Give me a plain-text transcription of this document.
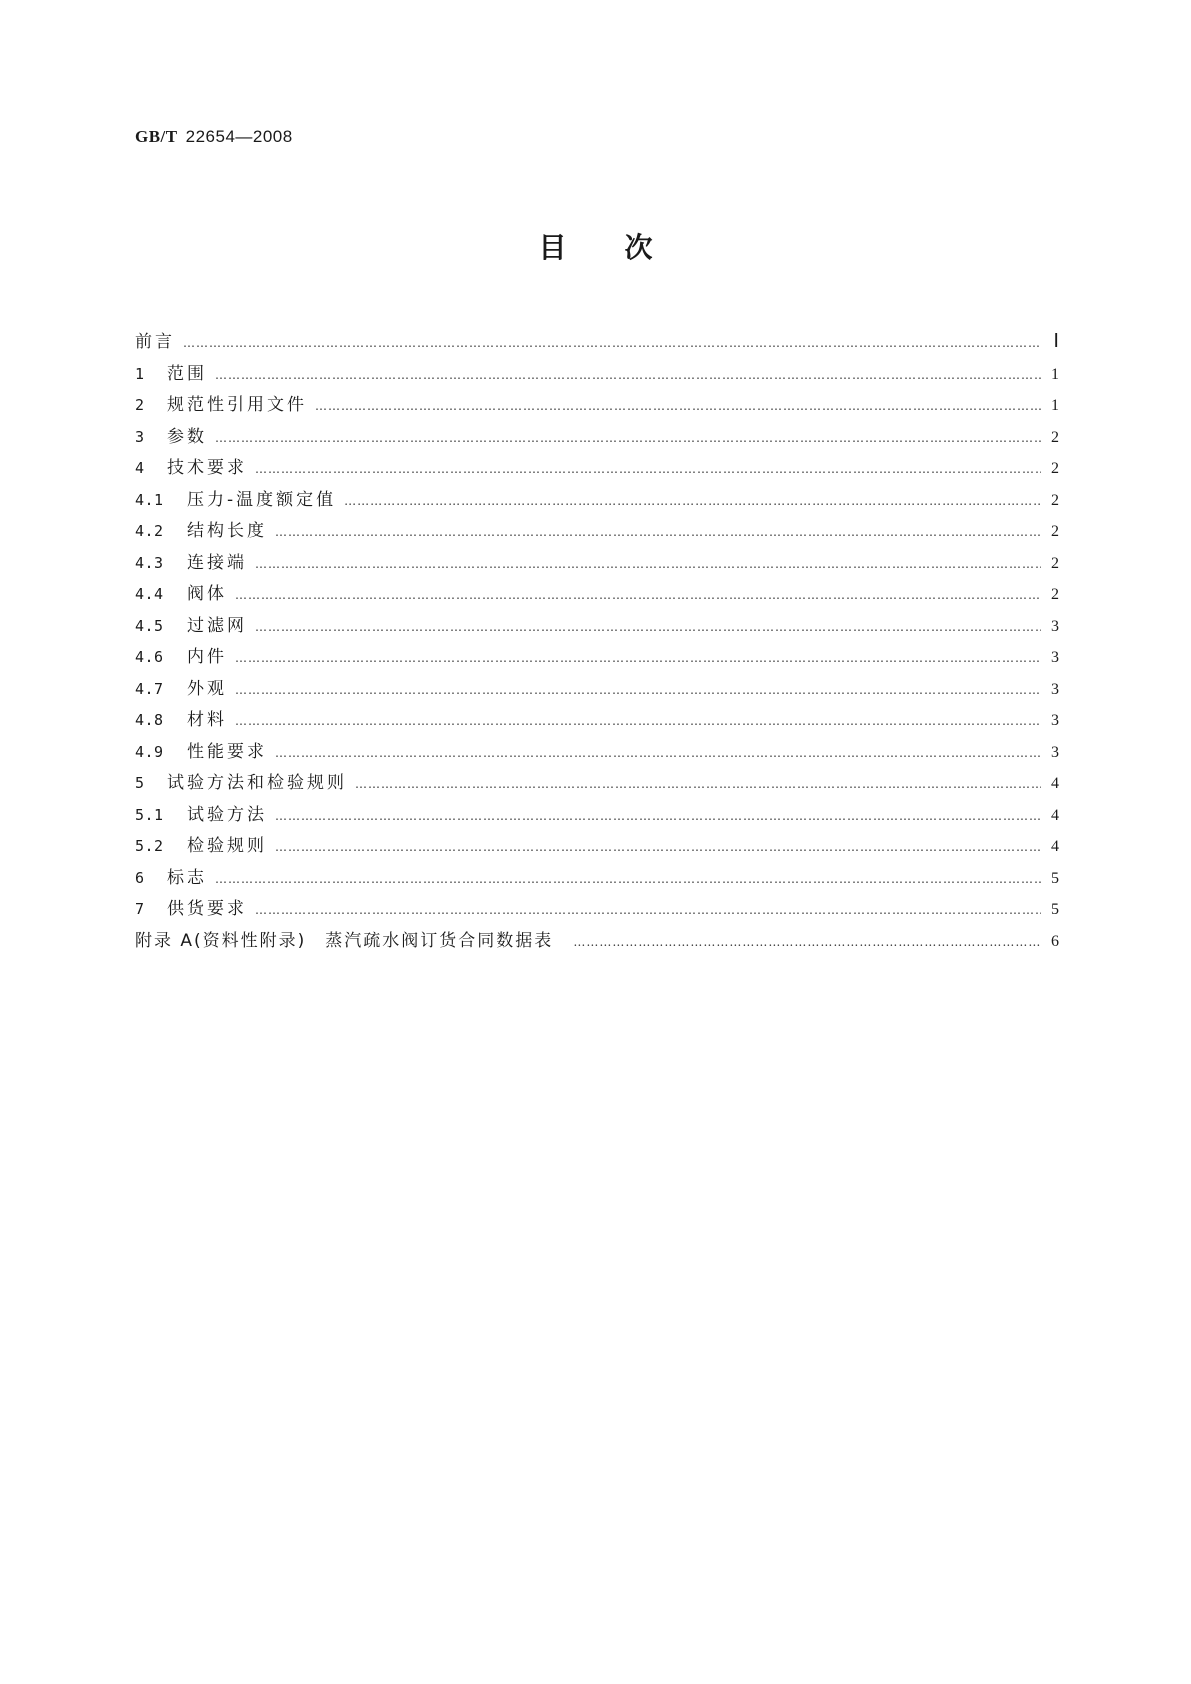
GB/T 22654—2008
目 次
前言 ……………………………………………………………………………………………………………………………………………………………………………………………………………………	Ⅰ
1	范围 ……………………………………………………………………………………………………………………………………………………………………………………………………………………	1
2	规范性引用文件 ……………………………………………………………………………………………………………………………………………………………………………………………………………………	1
3	参数 ……………………………………………………………………………………………………………………………………………………………………………………………………………………	2
4	技术要求 ……………………………………………………………………………………………………………………………………………………………………………………………………………………	2
4.1	压力-温度额定值 ……………………………………………………………………………………………………………………………………………………………………………………………………………………	2
4.2	结构长度 ……………………………………………………………………………………………………………………………………………………………………………………………………………………	2
4.3	连接端 ……………………………………………………………………………………………………………………………………………………………………………………………………………………	2
4.4	阀体 ……………………………………………………………………………………………………………………………………………………………………………………………………………………	2
4.5	过滤网 ……………………………………………………………………………………………………………………………………………………………………………………………………………………	3
4.6	内件 ……………………………………………………………………………………………………………………………………………………………………………………………………………………	3
4.7	外观 ……………………………………………………………………………………………………………………………………………………………………………………………………………………	3
4.8	材料 ……………………………………………………………………………………………………………………………………………………………………………………………………………………	3
4.9	性能要求 ……………………………………………………………………………………………………………………………………………………………………………………………………………………	3
5	试验方法和检验规则 ……………………………………………………………………………………………………………………………………………………………………………………………………………………	4
5.1	试验方法 ……………………………………………………………………………………………………………………………………………………………………………………………………………………	4
5.2	检验规则 ……………………………………………………………………………………………………………………………………………………………………………………………………………………	4
6	标志 ……………………………………………………………………………………………………………………………………………………………………………………………………………………	5
7	供货要求 ……………………………………………………………………………………………………………………………………………………………………………………………………………………	5
附录 A(资料性附录)　蒸汽疏水阀订货合同数据表 ……………………………………………………………………………………………………………………………………………………………………………………………………………………	6
